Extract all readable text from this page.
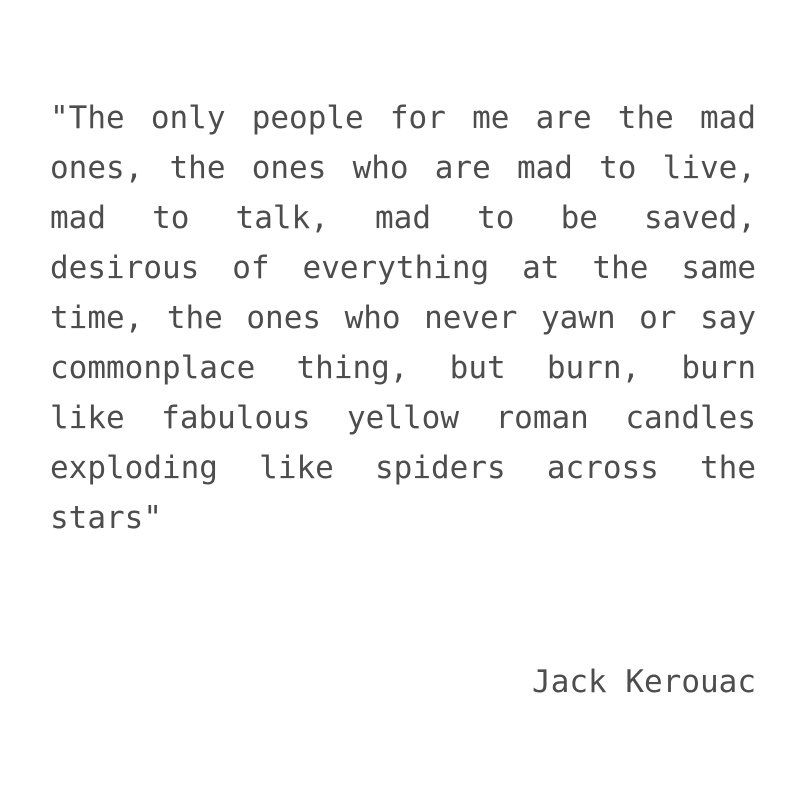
"The only people for me are the mad ones, the ones who are mad to live, mad to talk, mad to be saved, desirous of everything at the same time, the ones who never yawn or say commonplace thing, but burn, burn like fabulous yellow roman candles exploding like spiders across the stars"

Jack Kerouac
